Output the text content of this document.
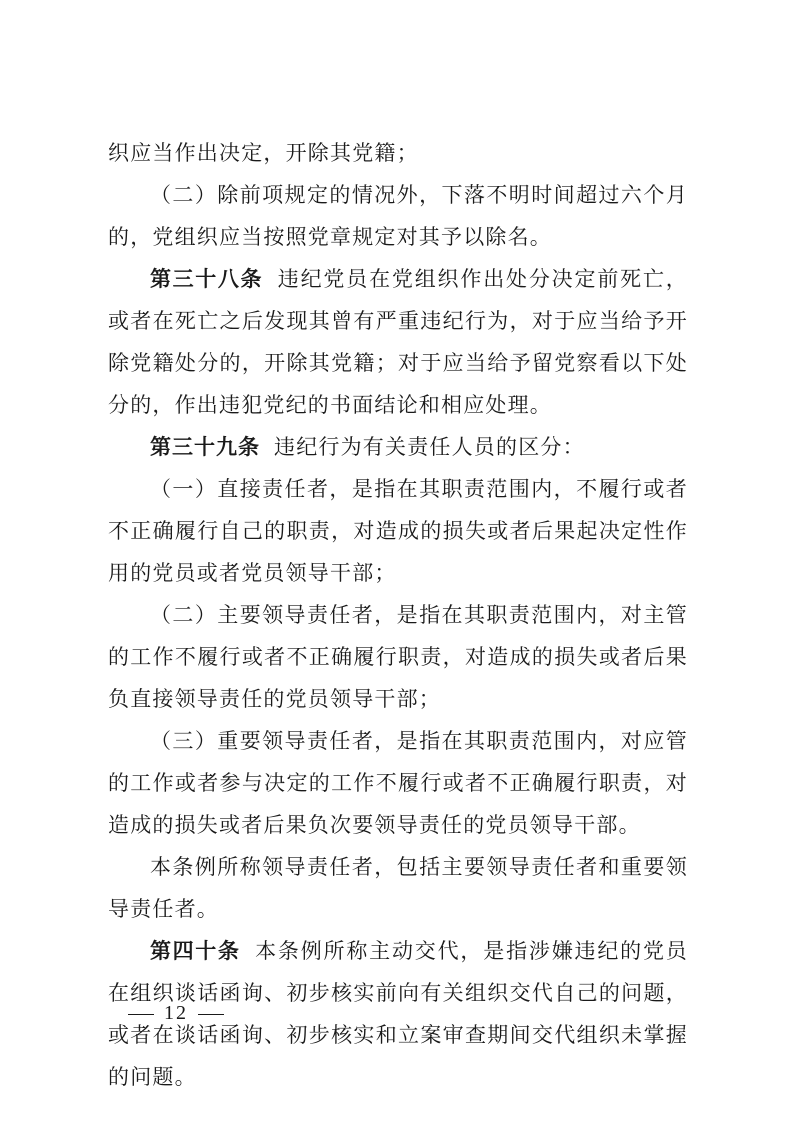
织应当作出决定，开除其党籍；

（二）除前项规定的情况外，下落不明时间超过六个月的，党组织应当按照党章规定对其予以除名。

第三十八条 违纪党员在党组织作出处分决定前死亡，或者在死亡之后发现其曾有严重违纪行为，对于应当给予开除党籍处分的，开除其党籍；对于应当给予留党察看以下处分的，作出违犯党纪的书面结论和相应处理。

第三十九条 违纪行为有关责任人员的区分：

（一）直接责任者，是指在其职责范围内，不履行或者不正确履行自己的职责，对造成的损失或者后果起决定性作用的党员或者党员领导干部；

（二）主要领导责任者，是指在其职责范围内，对主管的工作不履行或者不正确履行职责，对造成的损失或者后果负直接领导责任的党员领导干部；

（三）重要领导责任者，是指在其职责范围内，对应管的工作或者参与决定的工作不履行或者不正确履行职责，对造成的损失或者后果负次要领导责任的党员领导干部。

本条例所称领导责任者，包括主要领导责任者和重要领导责任者。

第四十条 本条例所称主动交代，是指涉嫌违纪的党员在组织谈话函询、初步核实前向有关组织交代自己的问题，或者在谈话函询、初步核实和立案审查期间交代组织未掌握的问题。

12
